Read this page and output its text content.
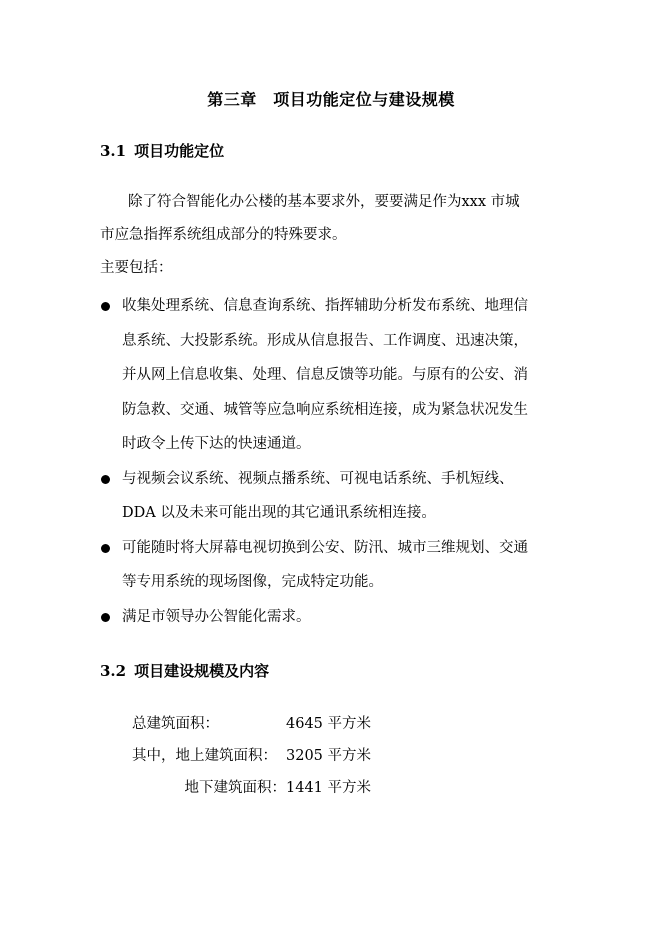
第三章　项目功能定位与建设规模
3.1 项目功能定位
除了符合智能化办公楼的基本要求外，要要满足作为xxx 市城
市应急指挥系统组成部分的特殊要求。
主要包括：
收集处理系统、信息查询系统、指挥辅助分析发布系统、地理信
息系统、大投影系统。形成从信息报告、工作调度、迅速决策，
并从网上信息收集、处理、信息反馈等功能。与原有的公安、消
防急救、交通、城管等应急响应系统相连接，成为紧急状况发生
时政令上传下达的快速通道。
与视频会议系统、视频点播系统、可视电话系统、手机短线、
DDA 以及未来可能出现的其它通讯系统相连接。
可能随时将大屏幕电视切换到公安、防汛、城市三维规划、交通
等专用系统的现场图像，完成特定功能。
满足市领导办公智能化需求。
3.2 项目建设规模及内容
总建筑面积：	4645 平方米
其中，地上建筑面积： 3205 平方米
地下建筑面积： 1441 平方米
